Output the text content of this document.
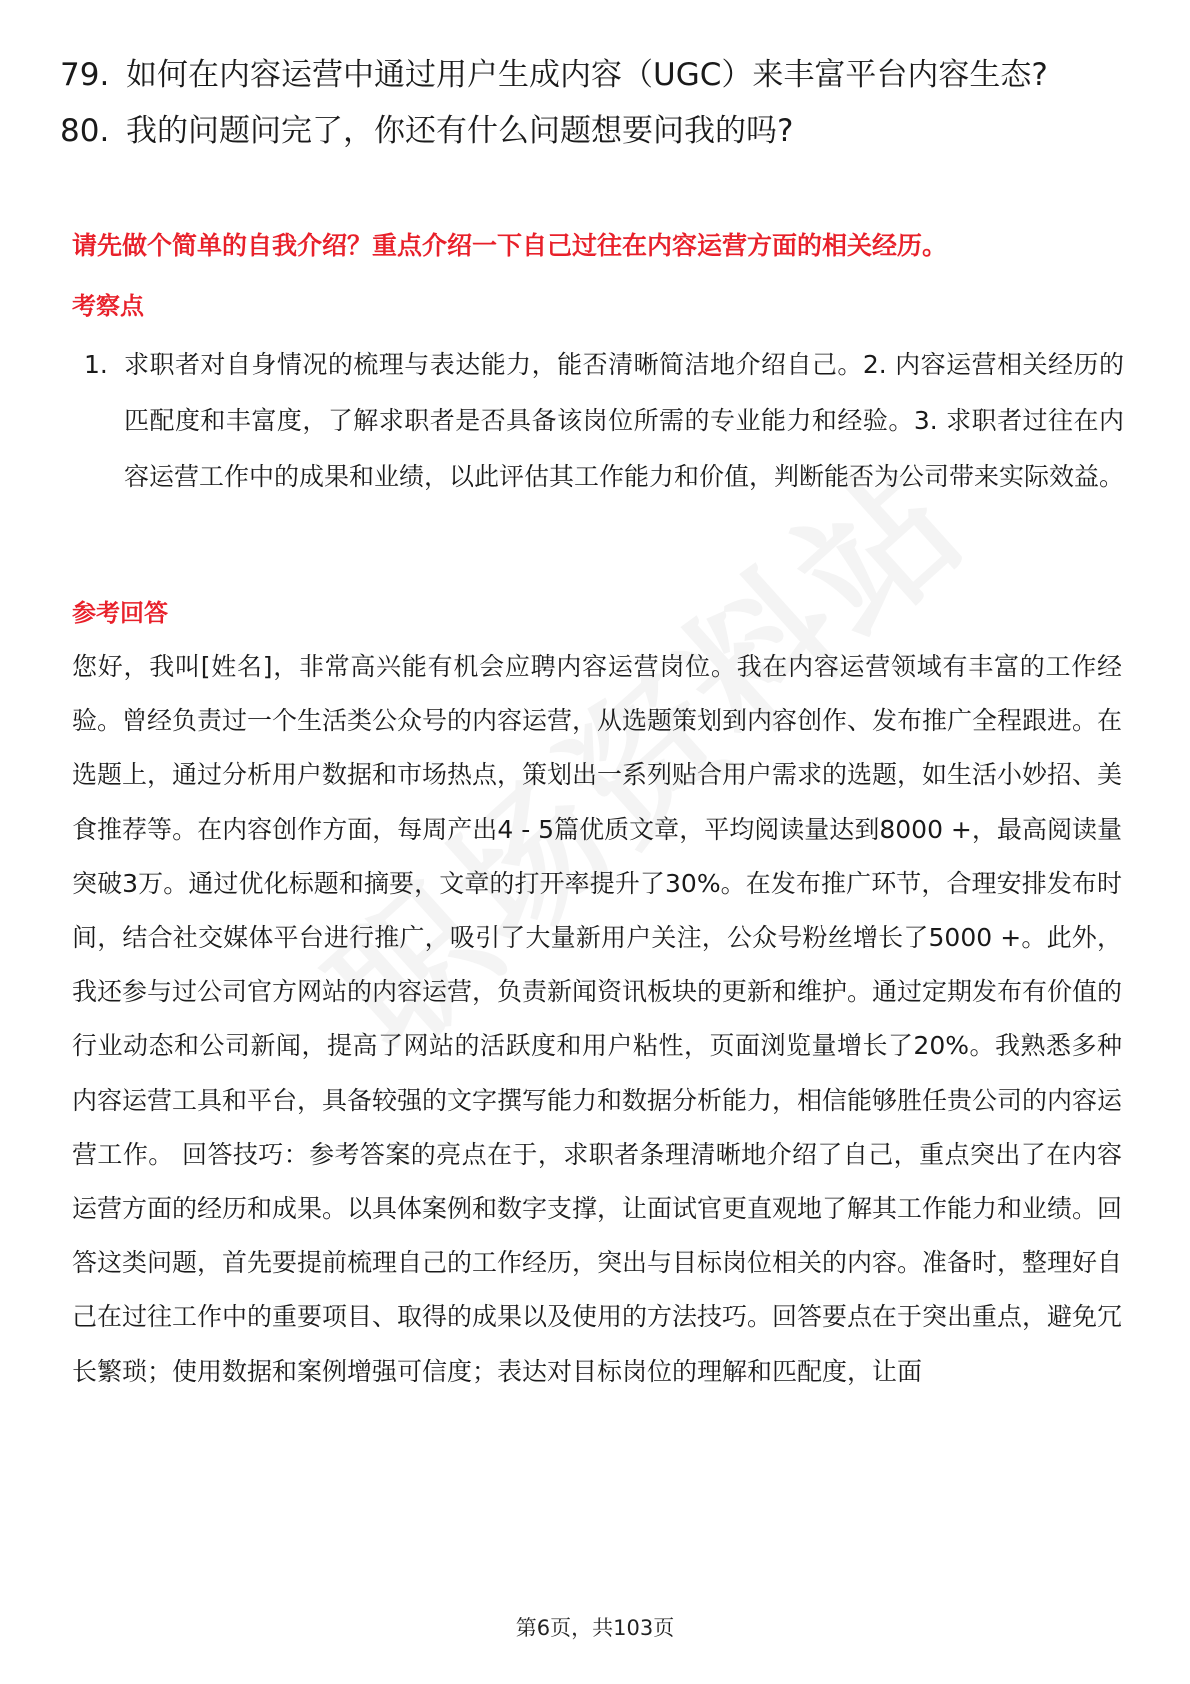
79. 如何在内容运营中通过用户生成内容（UGC）来丰富平台内容生态?
80. 我的问题问完了，你还有什么问题想要问我的吗?
请先做个简单的自我介绍？重点介绍一下自己过往在内容运营方面的相关经历。
考察点
1. 求职者对自身情况的梳理与表达能力，能否清晰简洁地介绍自己。2. 内容运营相关经历的匹配度和丰富度，了解求职者是否具备该岗位所需的专业能力和经验。3. 求职者过往在内容运营工作中的成果和业绩，以此评估其工作能力和价值，判断能否为公司带来实际效益。
参考回答
您好，我叫[姓名]，非常高兴能有机会应聘内容运营岗位。我在内容运营领域有丰富的工作经验。曾经负责过一个生活类公众号的内容运营，从选题策划到内容创作、发布推广全程跟进。在选题上，通过分析用户数据和市场热点，策划出一系列贴合用户需求的选题，如生活小妙招、美食推荐等。在内容创作方面，每周产出4 - 5篇优质文章，平均阅读量达到8000 +，最高阅读量突破3万。通过优化标题和摘要，文章的打开率提升了30%。在发布推广环节，合理安排发布时间，结合社交媒体平台进行推广，吸引了大量新用户关注，公众号粉丝增长了5000 +。此外，我还参与过公司官方网站的内容运营，负责新闻资讯板块的更新和维护。通过定期发布有价值的行业动态和公司新闻，提高了网站的活跃度和用户粘性，页面浏览量增长了20%。我熟悉多种内容运营工具和平台，具备较强的文字撰写能力和数据分析能力，相信能够胜任贵公司的内容运营工作。 回答技巧：参考答案的亮点在于，求职者条理清晰地介绍了自己，重点突出了在内容运营方面的经历和成果。以具体案例和数字支撑，让面试官更直观地了解其工作能力和业绩。回答这类问题，首先要提前梳理自己的工作经历，突出与目标岗位相关的内容。准备时，整理好自己在过往工作中的重要项目、取得的成果以及使用的方法技巧。回答要点在于突出重点，避免冗长繁琐；使用数据和案例增强可信度；表达对目标岗位的理解和匹配度，让面
第6页，共103页
